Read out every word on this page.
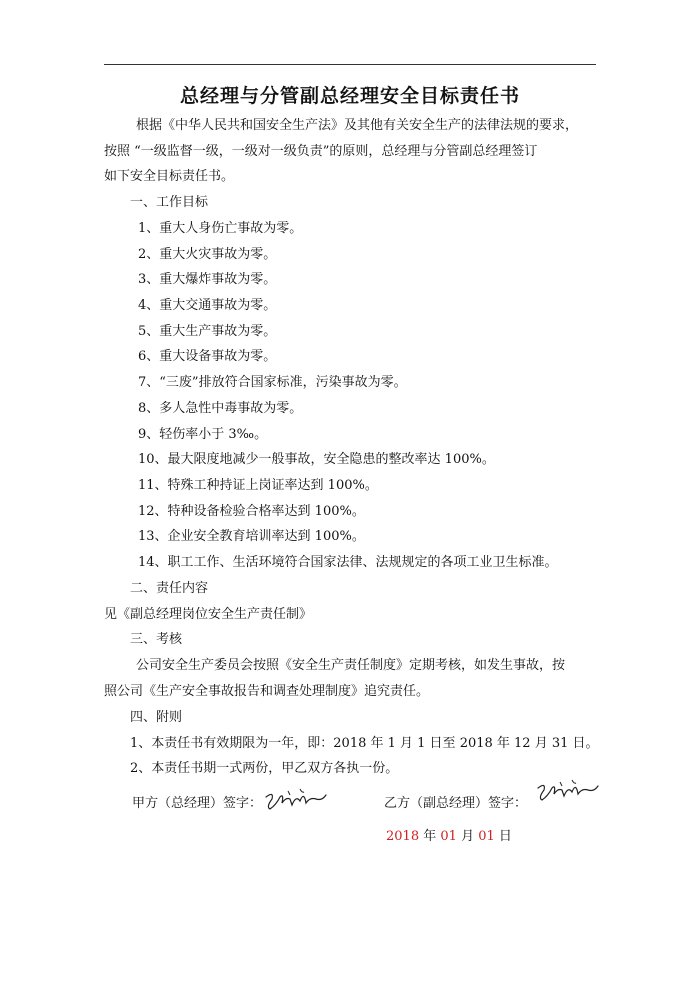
总经理与分管副总经理安全目标责任书
根据《中华人民共和国安全生产法》及其他有关安全生产的法律法规的要求，
按照 “一级监督一级，一级对一级负责”的原则，总经理与分管副总经理签订
如下安全目标责任书。
一、工作目标
1、重大人身伤亡事故为零。
2、重大火灾事故为零。
3、重大爆炸事故为零。
4、重大交通事故为零。
5、重大生产事故为零。
6、重大设备事故为零。
7、“三废”排放符合国家标准，污染事故为零。
8、多人急性中毒事故为零。
9、轻伤率小于 3‰。
10、最大限度地减少一般事故，安全隐患的整改率达 100%。
11、特殊工种持证上岗证率达到 100%。
12、特种设备检验合格率达到 100%。
13、企业安全教育培训率达到 100%。
14、职工工作、生活环境符合国家法律、法规规定的各项工业卫生标准。
二、责任内容
见《副总经理岗位安全生产责任制》
三、考核
公司安全生产委员会按照《安全生产责任制度》定期考核，如发生事故，按
照公司《生产安全事故报告和调查处理制度》追究责任。
四、附则
1、本责任书有效期限为一年，即：2018 年 1 月 1 日至 2018 年 12 月 31 日。
2、本责任书期一式两份，甲乙双方各执一份。
甲方（总经理）签字：	乙方（副总经理）签字：
2018 年 01 月 01 日
